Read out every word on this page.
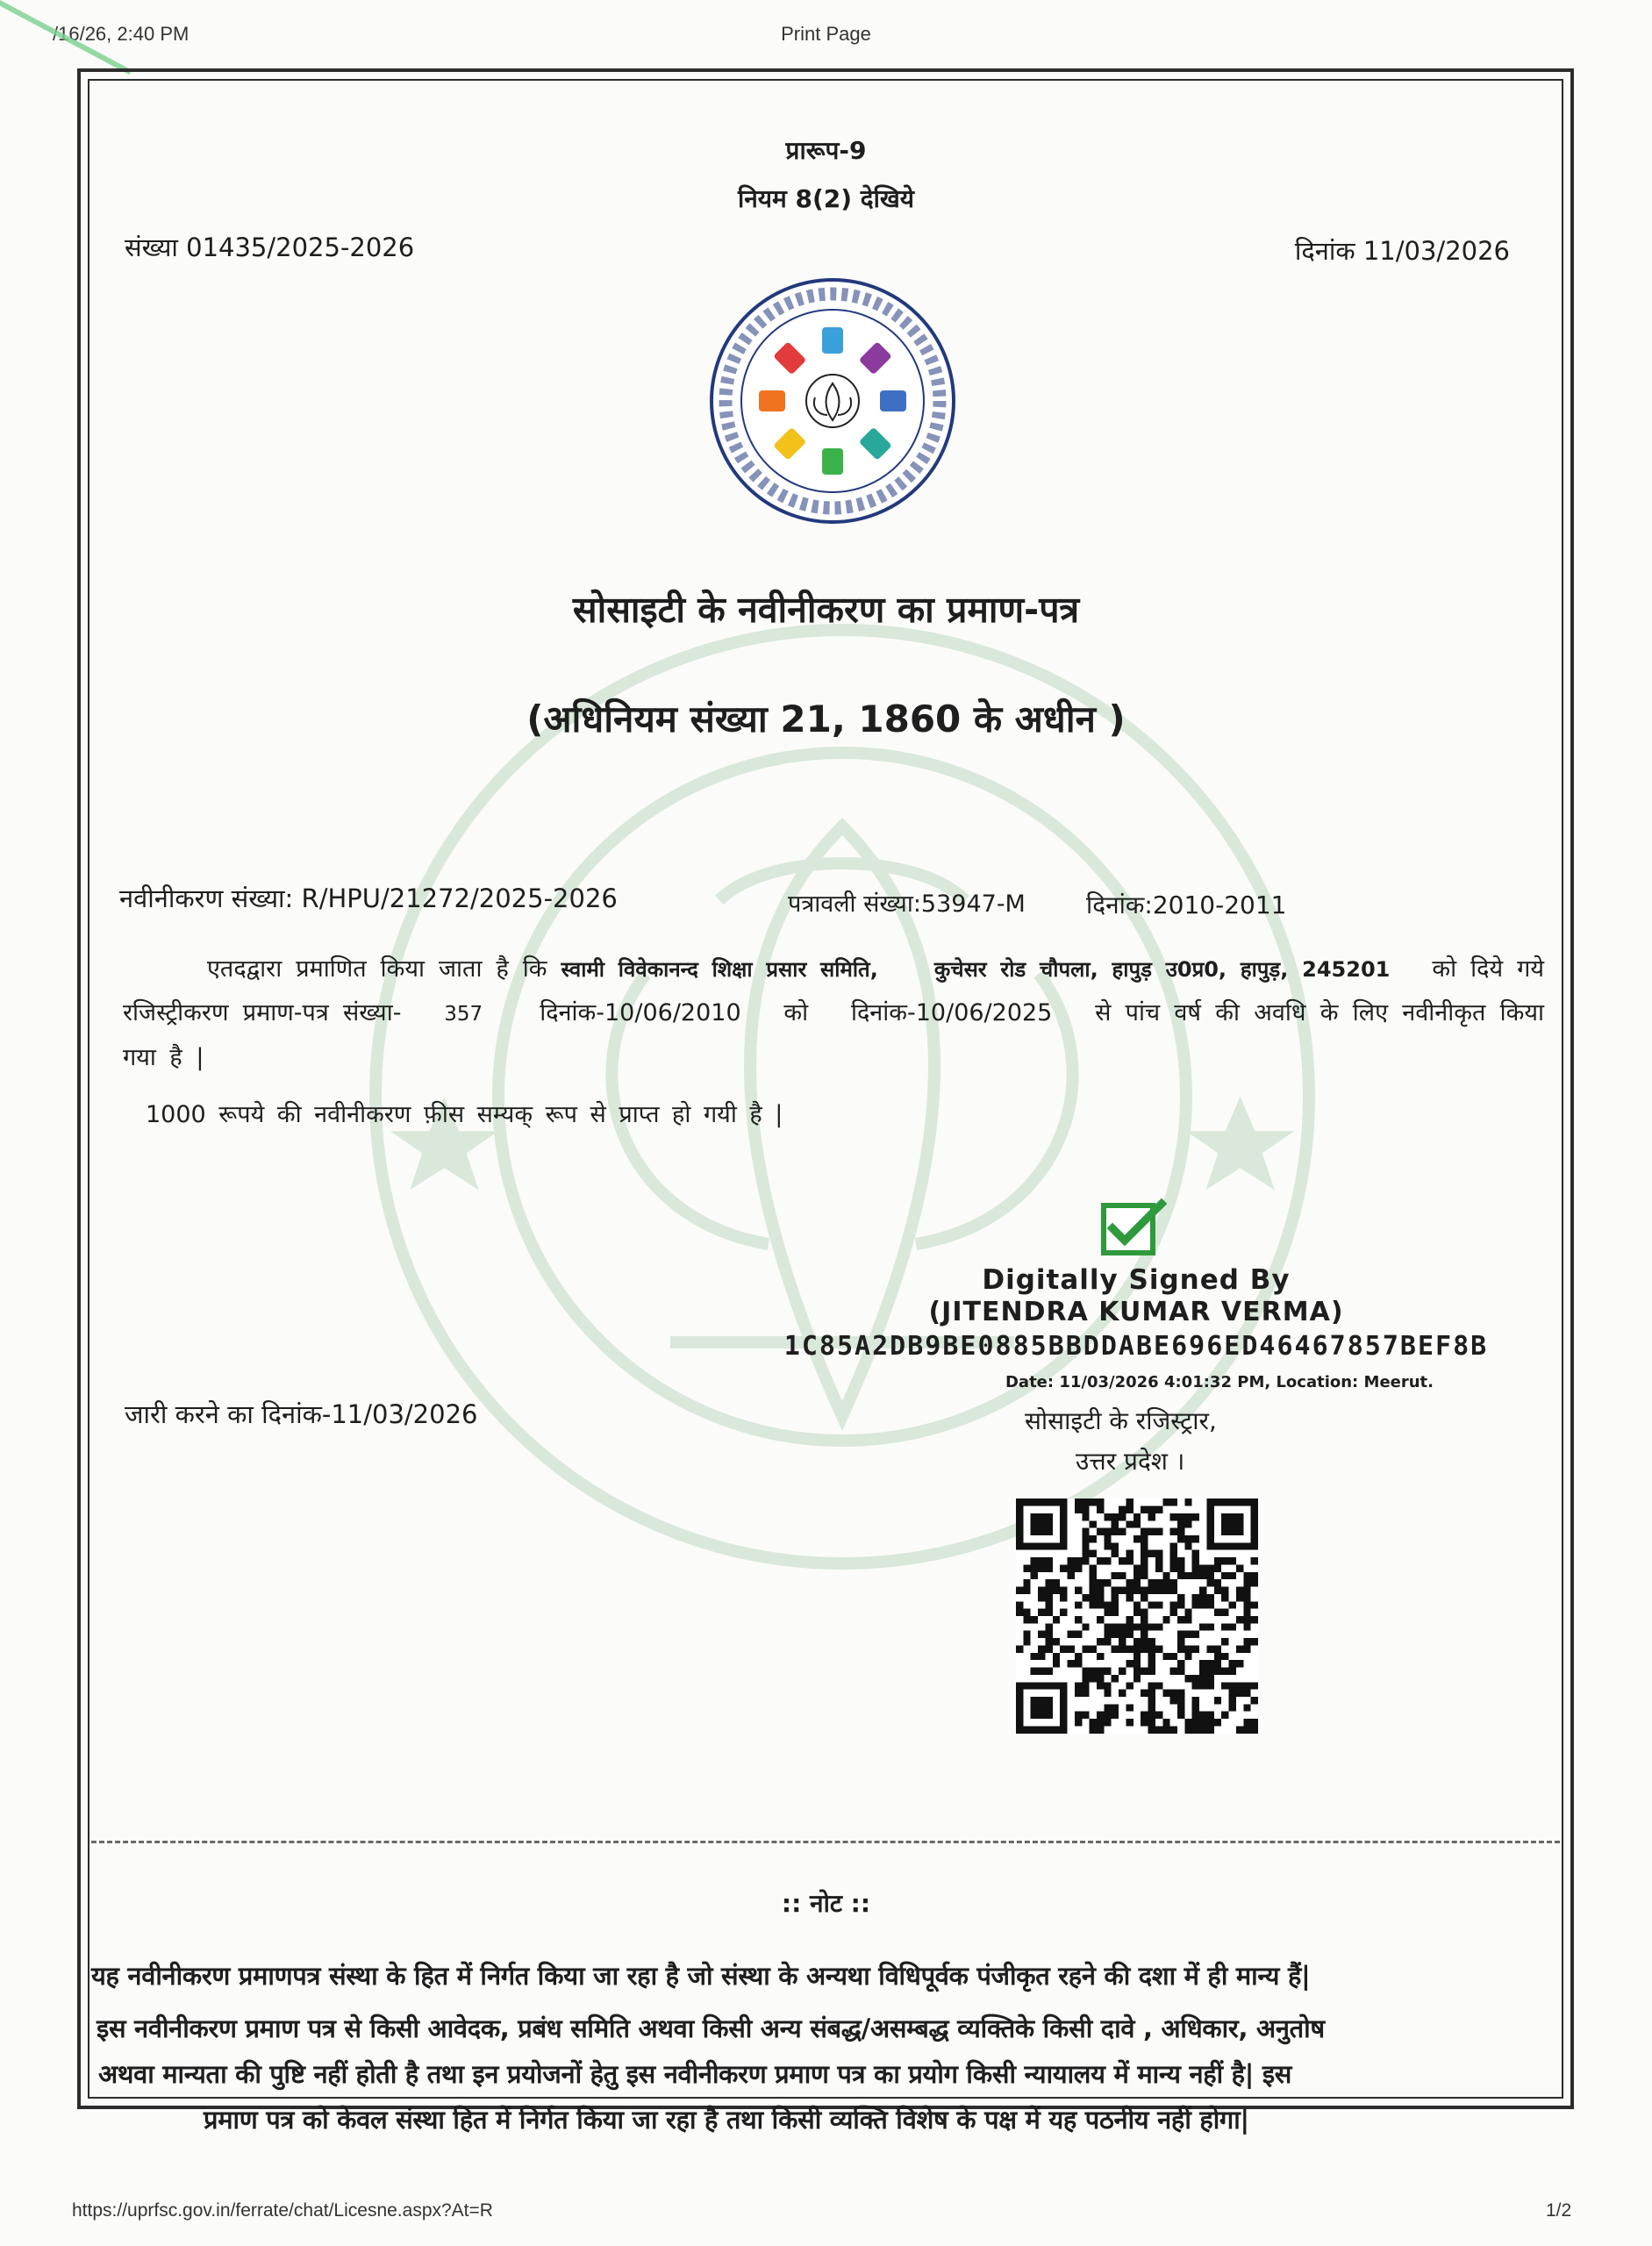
/16/26, 2:40 PM	Print Page
https://uprfsc.gov.in/ferrate/chat/Licesne.aspx?At=R	1/2
प्रारूप-9
नियम 8(2) देखिये
संख्या 01435/2025-2026	दिनांक 11/03/2026
सोसाइटी के नवीनीकरण का प्रमाण-पत्र
(अधिनियम संख्या 21, 1860 के अधीन )
नवीनीकरण संख्या: R/HPU/21272/2025-2026	पत्रावली संख्या:53947-M दिनांक:2010-2011
एतदद्वारा प्रमाणित किया जाता है कि स्वामी विवेकानन्द शिक्षा प्रसार समिति,	कुचेसर रोड चौपला, हापुड़ उ0प्र0, हापुड़, 245201 को दिये गये रजिस्ट्रीकरण प्रमाण-पत्र संख्या- 357 दिनांक-10/06/2010 को दिनांक-10/06/2025 से पांच वर्ष की अवधि के लिए नवीनीकृत किया गया है |
1000 रूपये की नवीनीकरण फ़ीस सम्यक् रूप से प्राप्त हो गयी है |
Digitally Signed By
(JITENDRA KUMAR VERMA)
1C85A2DB9BE0885BBDDABE696ED46467857BEF8B
Date: 11/03/2026 4:01:32 PM, Location: Meerut.
जारी करने का दिनांक-11/03/2026	सोसाइटी के रजिस्ट्रार,
उत्तर प्रदेश ।
:: नोट ::
यह नवीनीकरण प्रमाणपत्र संस्था के हित में निर्गत किया जा रहा है जो संस्था के अन्यथा विधिपूर्वक पंजीकृत रहने की दशा में ही मान्य हैं|
इस नवीनीकरण प्रमाण पत्र से किसी आवेदक, प्रबंध समिति अथवा किसी अन्य संबद्ध/असम्बद्ध व्यक्तिके किसी दावे , अधिकार, अनुतोष
अथवा मान्यता की पुष्टि नहीं होती है तथा इन प्रयोजनों हेतु इस नवीनीकरण प्रमाण पत्र का प्रयोग किसी न्यायालय में मान्य नहीं है| इस
प्रमाण पत्र को केवल संस्था हित में निर्गत किया जा रहा है तथा किसी व्यक्ति विशेष के पक्ष में यह पठनीय नहीं होगा|
